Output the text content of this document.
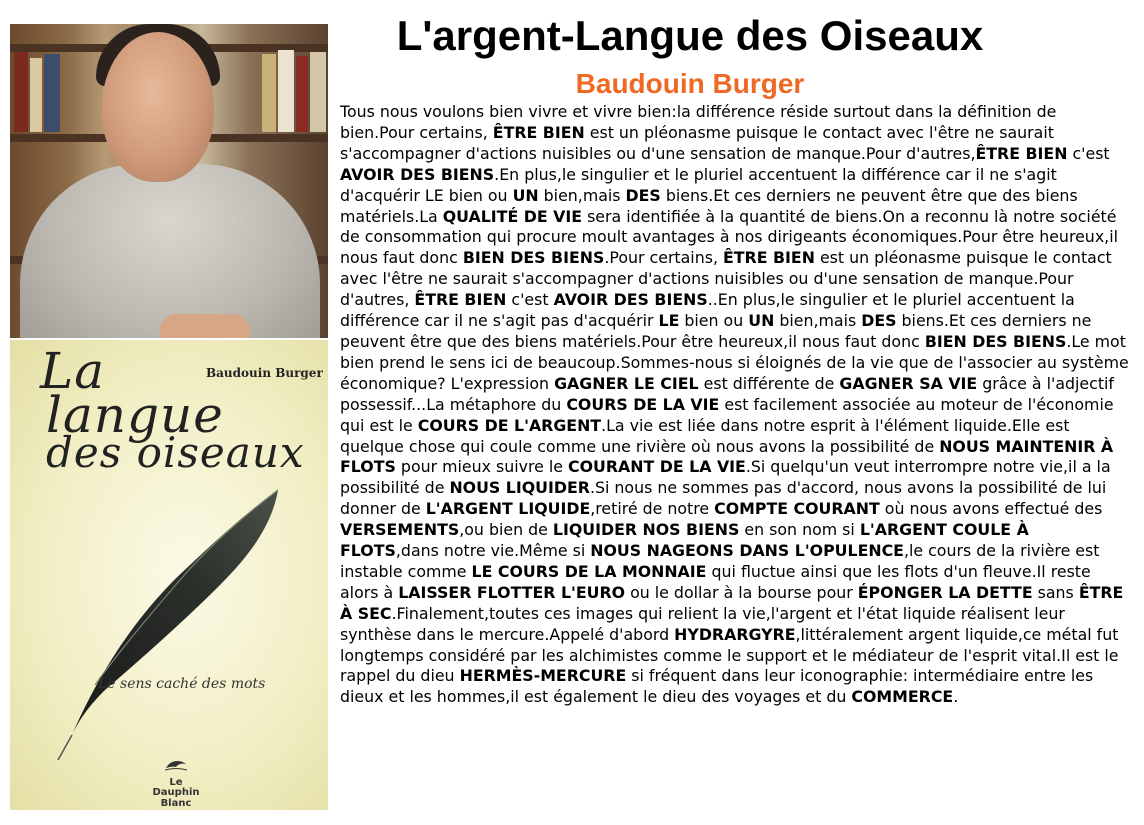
La
langue
des oiseaux
Baudouin Burger
Le sens caché des mots
Le
Dauphin
Blanc
L'argent-Langue des Oiseaux
Baudouin Burger
Tous nous voulons bien vivre et vivre bien:la différence réside surtout dans la définition de bien.Pour certains, ÊTRE BIEN est un pléonasme puisque le contact avec l'être ne saurait s'accompagner d'actions nuisibles ou d'une sensation de manque.Pour d'autres,ÊTRE BIEN c'est AVOIR DES BIENS.En plus,le singulier et le pluriel accentuent la différence car il ne s'agit d'acquérir LE bien ou UN bien,mais DES biens.Et ces derniers ne peuvent être que des biens matériels.La QUALITÉ DE VIE sera identifiée à la quantité de biens.On a reconnu là notre société de consommation qui procure moult avantages à nos dirigeants économiques.Pour être heureux,il nous faut donc BIEN DES BIENS.Pour certains, ÊTRE BIEN est un pléonasme puisque le contact avec l'être ne saurait s'accompagner d'actions nuisibles ou d'une sensation de manque.Pour d'autres, ÊTRE BIEN c'est AVOIR DES BIENS..En plus,le singulier et le pluriel accentuent la différence car il ne s'agit pas d'acquérir LE bien ou UN bien,mais DES biens.Et ces derniers ne peuvent être que des biens matériels.Pour être heureux,il nous faut donc BIEN DES BIENS.Le mot bien prend le sens ici de beaucoup.Sommes-nous si éloignés de la vie que de l'associer au système économique? L'expression GAGNER LE CIEL est différente de GAGNER SA VIE grâce à l'adjectif possessif...La métaphore du COURS DE LA VIE est facilement associée au moteur de l'économie qui est le COURS DE L'ARGENT.La vie est liée dans notre esprit à l'élément liquide.Elle est quelque chose qui coule comme une rivière où nous avons la possibilité de NOUS MAINTENIR À FLOTS pour mieux suivre le COURANT DE LA VIE.Si quelqu'un veut interrompre notre vie,il a la possibilité de NOUS LIQUIDER.Si nous ne sommes pas d'accord, nous avons la possibilité de lui donner de L'ARGENT LIQUIDE,retiré de notre COMPTE COURANT où nous avons effectué des VERSEMENTS,ou bien de LIQUIDER NOS BIENS en son nom si L'ARGENT COULE À FLOTS,dans notre vie.Même si NOUS NAGEONS DANS L'OPULENCE,le cours de la rivière est instable comme LE COURS DE LA MONNAIE qui fluctue ainsi que les flots d'un fleuve.Il reste alors à LAISSER FLOTTER L'EURO ou le dollar à la bourse pour ÉPONGER LA DETTE sans ÊTRE À SEC.Finalement,toutes ces images qui relient la vie,l'argent et l'état liquide réalisent leur synthèse dans le mercure.Appelé d'abord HYDRARGYRE,littéralement argent liquide,ce métal fut longtemps considéré par les alchimistes comme le support et le médiateur de l'esprit vital.Il est le rappel du dieu HERMÈS-MERCURE si fréquent dans leur iconographie: intermédiaire entre les dieux et les hommes,il est également le dieu des voyages et du COMMERCE.
